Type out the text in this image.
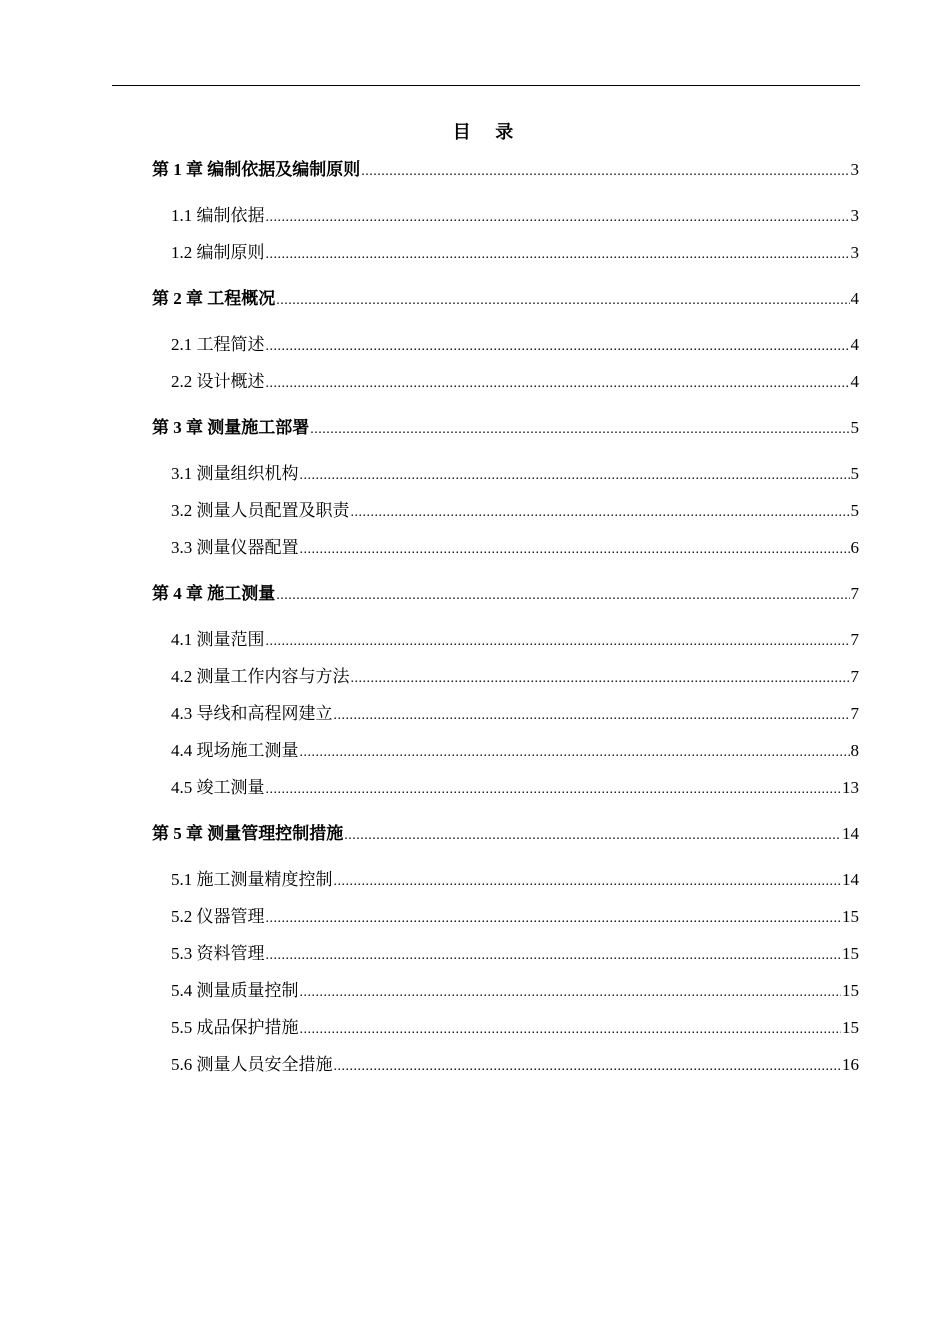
目 录
第 1 章 编制依据及编制原则 .....	3
1.1 编制依据 .....	3
1.2 编制原则 .....	3
第 2 章 工程概况 .....	4
2.1 工程简述 .....	4
2.2 设计概述 .....	4
第 3 章 测量施工部署 .....	5
3.1 测量组织机构 .....	5
3.2 测量人员配置及职责 .....	5
3.3 测量仪器配置 .....	6
第 4 章 施工测量 .....	7
4.1 测量范围 .....	7
4.2 测量工作内容与方法 .....	7
4.3 导线和高程网建立 .....	7
4.4 现场施工测量 .....	8
4.5 竣工测量 .....	13
第 5 章 测量管理控制措施 .....	14
5.1 施工测量精度控制 .....	14
5.2 仪器管理 .....	15
5.3 资料管理 .....	15
5.4 测量质量控制 .....	15
5.5 成品保护措施 .....	15
5.6 测量人员安全措施 .....	16
